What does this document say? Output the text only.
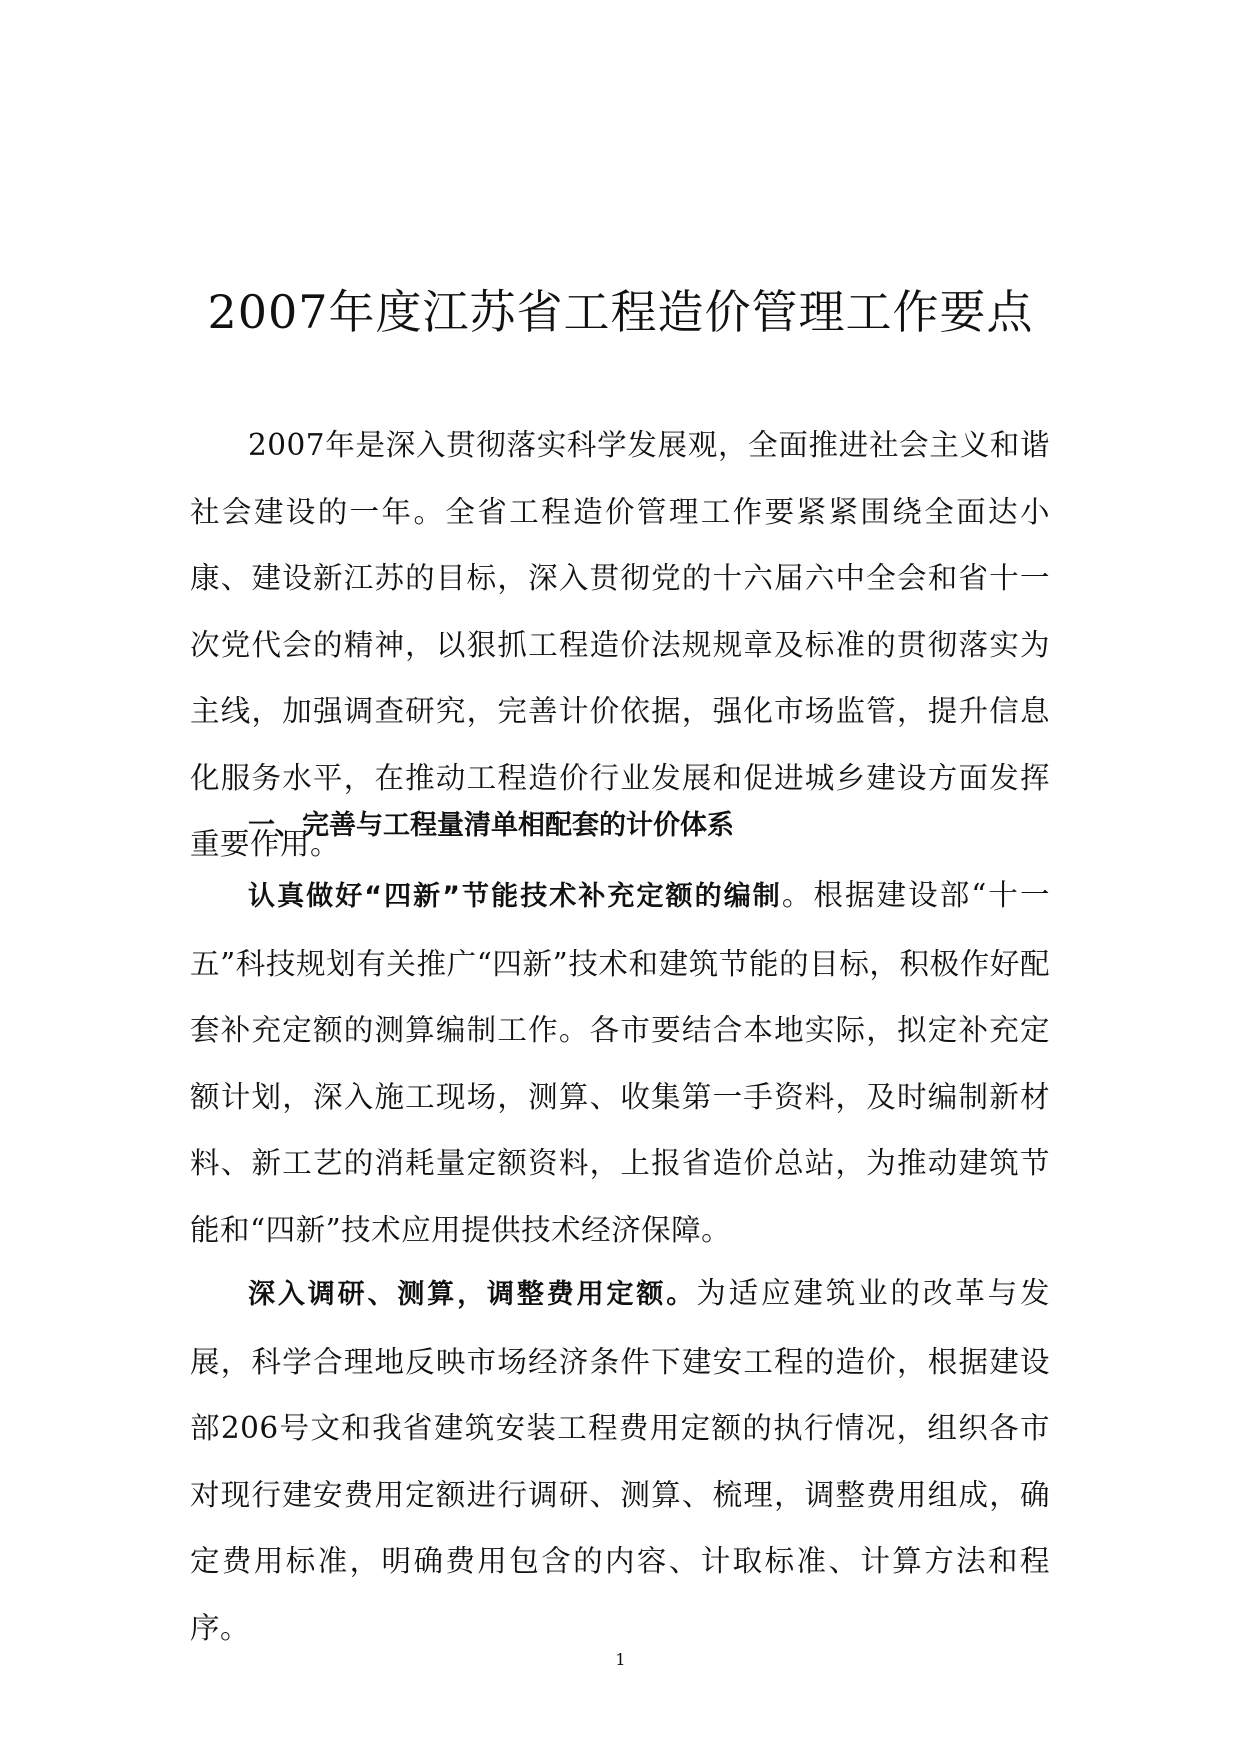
2007年度江苏省工程造价管理工作要点

2007年是深入贯彻落实科学发展观，全面推进社会主义和谐社会建设的一年。全省工程造价管理工作要紧紧围绕全面达小康、建设新江苏的目标，深入贯彻党的十六届六中全会和省十一次党代会的精神，以狠抓工程造价法规规章及标准的贯彻落实为主线，加强调查研究，完善计价依据，强化市场监管，提升信息化服务水平，在推动工程造价行业发展和促进城乡建设方面发挥重要作用。

一、完善与工程量清单相配套的计价体系

认真做好“四新”节能技术补充定额的编制。根据建设部“十一五”科技规划有关推广“四新”技术和建筑节能的目标，积极作好配套补充定额的测算编制工作。各市要结合本地实际，拟定补充定额计划，深入施工现场，测算、收集第一手资料，及时编制新材料、新工艺的消耗量定额资料，上报省造价总站，为推动建筑节能和“四新”技术应用提供技术经济保障。

深入调研、测算，调整费用定额。为适应建筑业的改革与发展，科学合理地反映市场经济条件下建安工程的造价，根据建设部206号文和我省建筑安装工程费用定额的执行情况，组织各市对现行建安费用定额进行调研、测算、梳理，调整费用组成，确定费用标准，明确费用包含的内容、计取标准、计算方法和程序。

1
